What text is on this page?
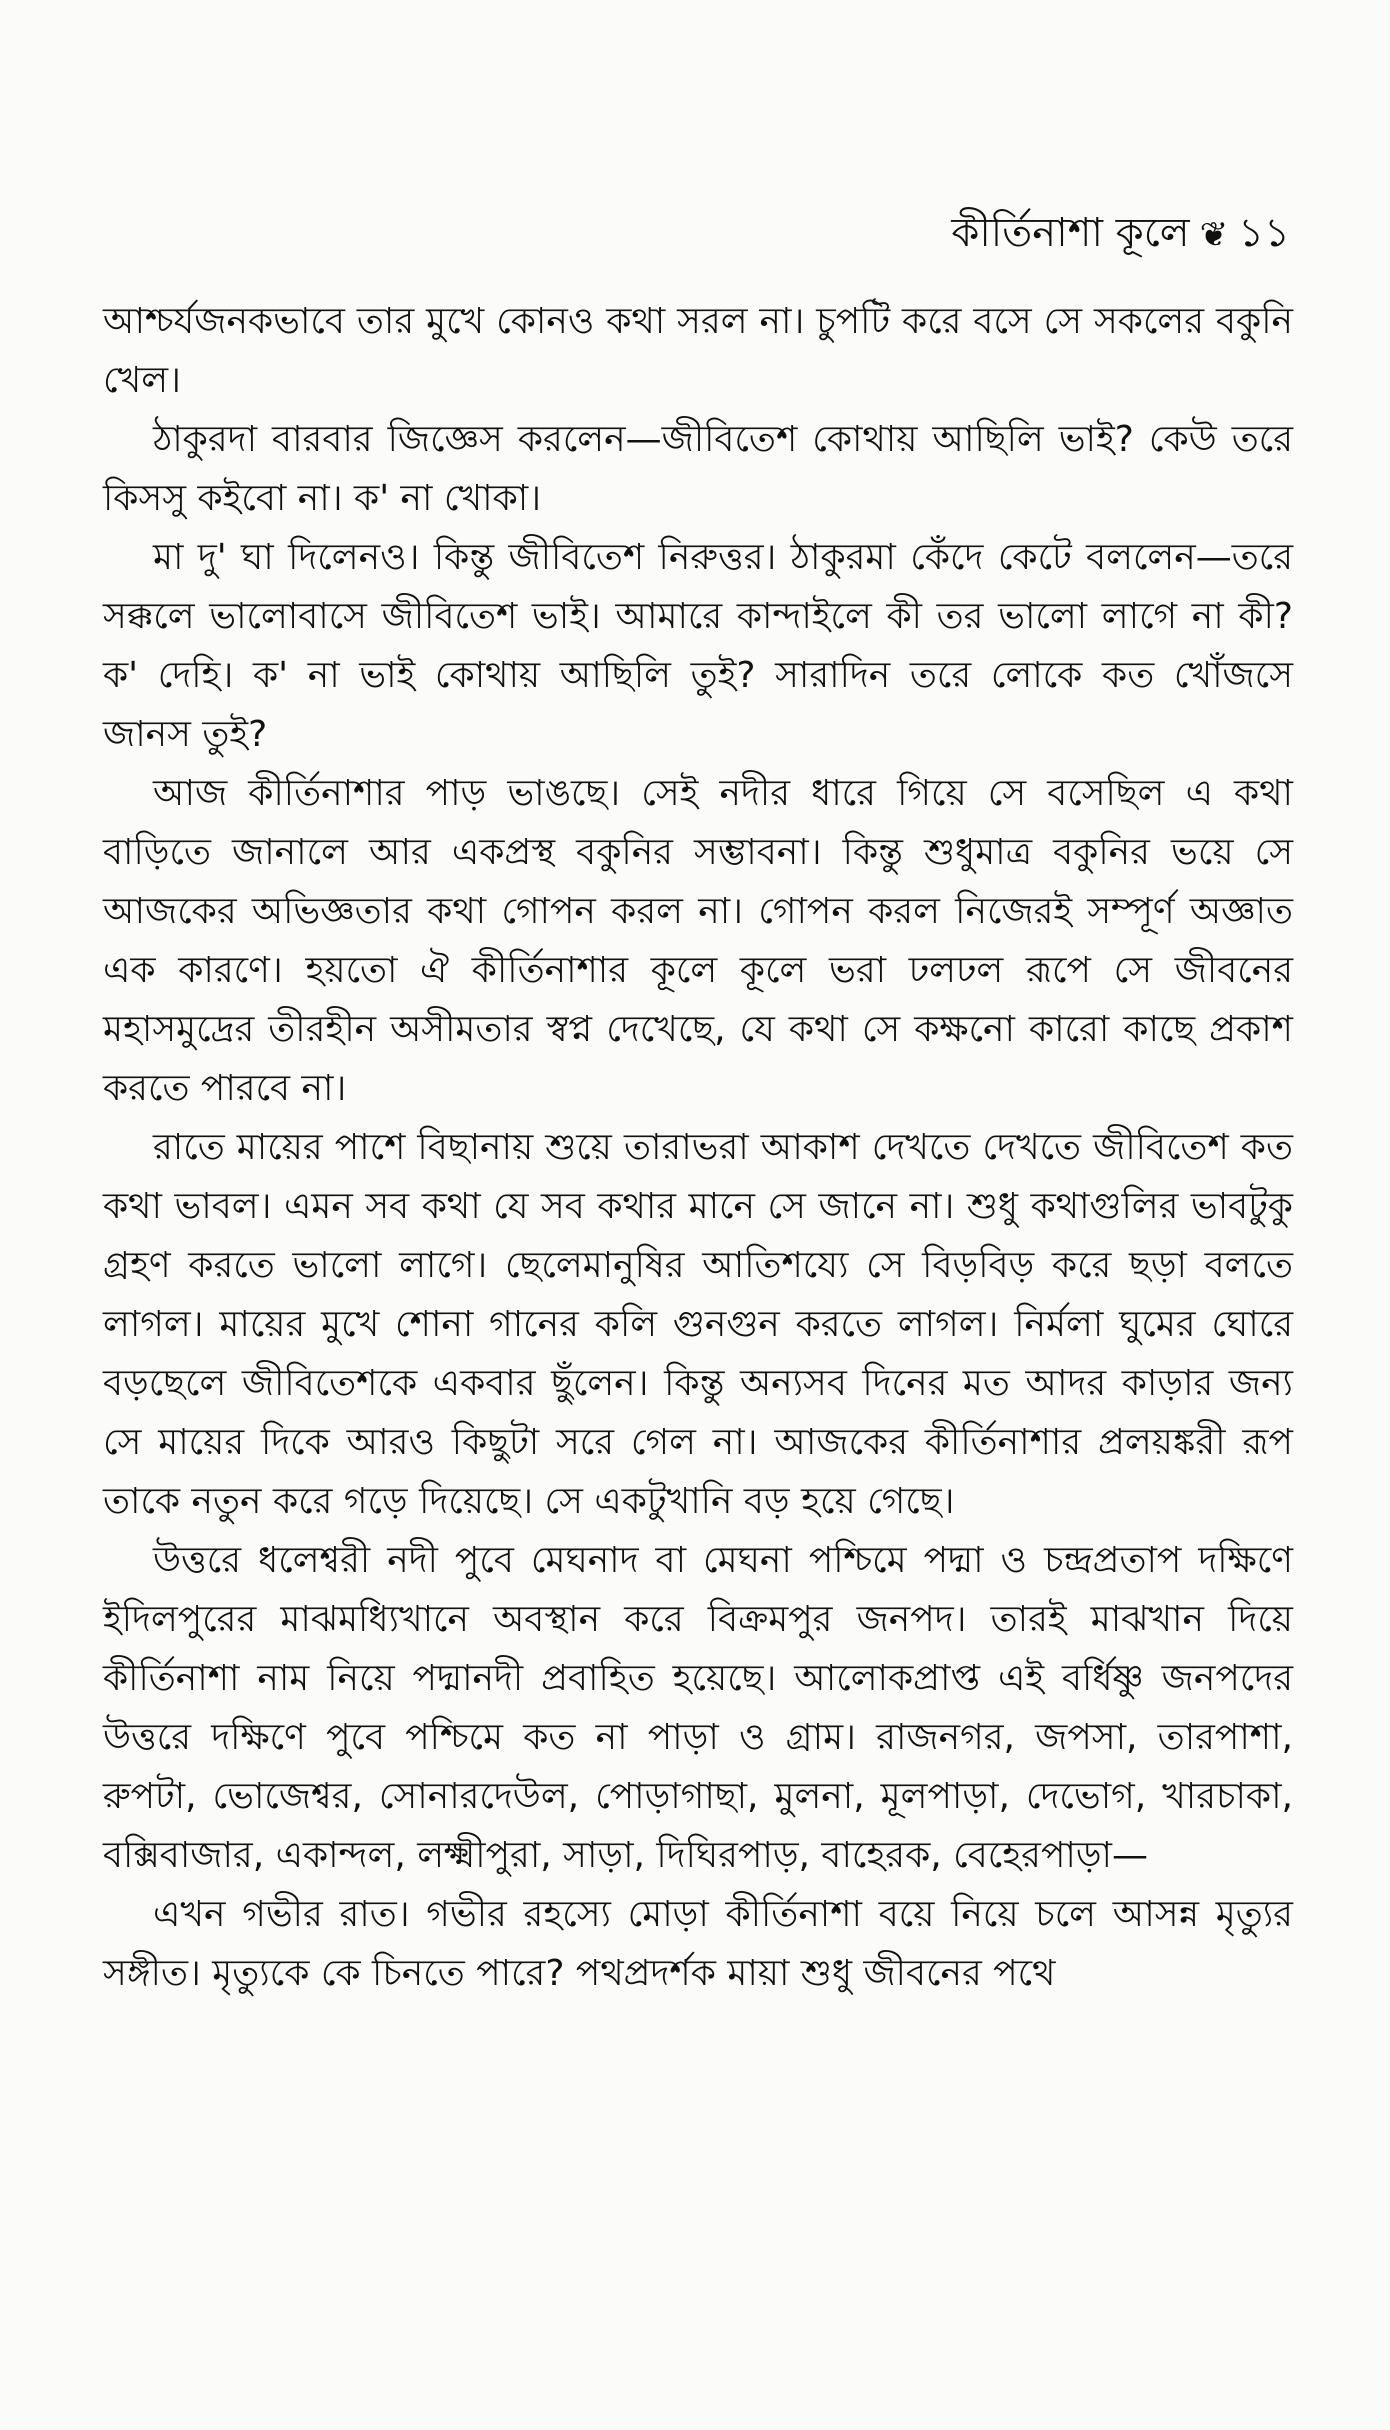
কীর্তিনাশা কূলে ❦ ১১

আশ্চর্যজনকভাবে তার মুখে কোনও কথা সরল না। চুপটি করে বসে সে সকলের বকুনি খেল।

ঠাকুরদা বারবার জিজ্ঞেস করলেন—জীবিতেশ কোথায় আছিলি ভাই? কেউ তরে কিসসু কইবো না। ক' না খোকা।

মা দু' ঘা দিলেনও। কিন্তু জীবিতেশ নিরুত্তর। ঠাকুরমা কেঁদে কেটে বললেন—তরে সক্কলে ভালোবাসে জীবিতেশ ভাই। আমারে কান্দাইলে কী তর ভালো লাগে না কী? ক' দেহি। ক' না ভাই কোথায় আছিলি তুই? সারাদিন তরে লোকে কত খোঁজসে জানস তুই?

আজ কীর্তিনাশার পাড় ভাঙছে। সেই নদীর ধারে গিয়ে সে বসেছিল এ কথা বাড়িতে জানালে আর একপ্রস্থ বকুনির সম্ভাবনা। কিন্তু শুধুমাত্র বকুনির ভয়ে সে আজকের অভিজ্ঞতার কথা গোপন করল না। গোপন করল নিজেরই সম্পূর্ণ অজ্ঞাত এক কারণে। হয়তো ঐ কীর্তিনাশার কূলে কূলে ভরা ঢলঢল রূপে সে জীবনের মহাসমুদ্রের তীরহীন অসীমতার স্বপ্ন দেখেছে, যে কথা সে কক্ষনো কারো কাছে প্রকাশ করতে পারবে না।

রাতে মায়ের পাশে বিছানায় শুয়ে তারাভরা আকাশ দেখতে দেখতে জীবিতেশ কত কথা ভাবল। এমন সব কথা যে সব কথার মানে সে জানে না। শুধু কথাগুলির ভাবটুকু গ্রহণ করতে ভালো লাগে। ছেলেমানুষির আতিশয্যে সে বিড়বিড় করে ছড়া বলতে লাগল। মায়ের মুখে শোনা গানের কলি গুনগুন করতে লাগল। নির্মলা ঘুমের ঘোরে বড়ছেলে জীবিতেশকে একবার ছুঁলেন। কিন্তু অন্যসব দিনের মত আদর কাড়ার জন্য সে মায়ের দিকে আরও কিছুটা সরে গেল না। আজকের কীর্তিনাশার প্রলয়ঙ্করী রূপ তাকে নতুন করে গড়ে দিয়েছে। সে একটুখানি বড় হয়ে গেছে।

উত্তরে ধলেশ্বরী নদী পুবে মেঘনাদ বা মেঘনা পশ্চিমে পদ্মা ও চন্দ্রপ্রতাপ দক্ষিণে ইদিলপুরের মাঝমধ্যিখানে অবস্থান করে বিক্রমপুর জনপদ। তারই মাঝখান দিয়ে কীর্তিনাশা নাম নিয়ে পদ্মানদী প্রবাহিত হয়েছে। আলোকপ্রাপ্ত এই বর্ধিষ্ণু জনপদের উত্তরে দক্ষিণে পুবে পশ্চিমে কত না পাড়া ও গ্রাম। রাজনগর, জপসা, তারপাশা, রুপটা, ভোজেশ্বর, সোনারদেউল, পোড়াগাছা, মুলনা, মূলপাড়া, দেভোগ, খারচাকা, বক্সিবাজার, একান্দল, লক্ষ্মীপুরা, সাড়া, দিঘিরপাড়, বাহেরক, বেহেরপাড়া—

এখন গভীর রাত। গভীর রহস্যে মোড়া কীর্তিনাশা বয়ে নিয়ে চলে আসন্ন মৃত্যুর সঙ্গীত। মৃত্যুকে কে চিনতে পারে? পথপ্রদর্শক মায়া শুধু জীবনের পথে
